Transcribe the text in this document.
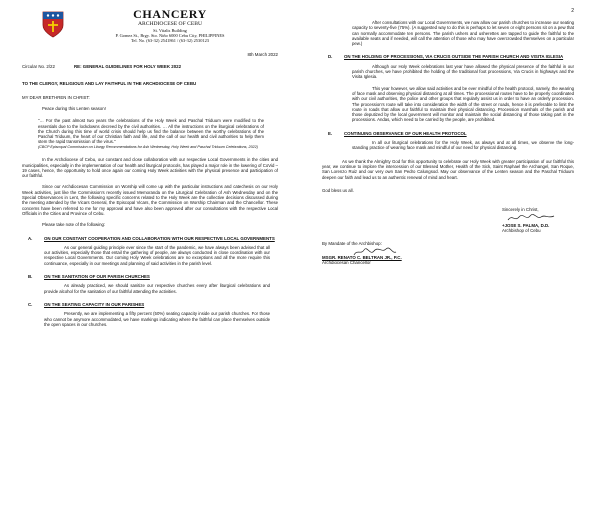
CHANCERY
ARCHDIOCESE OF CEBU
St. Vitalis Building
P. Gomez St., Brgy. Sto. Niño 6000 Cebu City, PHILIPPINES
Tel. No. (63-32) 2541861 / (63-32) 2530123
8th March 2022
Circular No. 2/22	RE: GENERAL GUIDELINES FOR HOLY WEEK 2022
TO THE CLERGY, RELIGIOUS AND LAY FAITHFUL IN THE ARCHDIOCESE OF CEBU

MY DEAR BRETHREN IN CHRIST:

Peace during this Lenten season!

"… For the past almost two years the celebrations of the Holy Week and Paschal Triduum were modified to the essentials due to the lockdowns decreed by the civil authorities. … All the instructions on the liturgical celebrations of the Church during this time of world crisis should help us find the balance between the worthy celebrations of the Paschal Triduum, the heart of our Christian faith and life, and the call of our health and civil authorities to help them stem the rapid transmission of the virus."

(CBCP Episcopal Commission on Liturgy Recommendations for Ash Wednesday, Holy Week and Paschal Triduum Celebrations, 2022)

In the Archdiocese of Cebu, our constant and close collaboration with our respective Local Governments in the cities and municipalities, especially in the implementation of our health and liturgical protocols, has played a major role in the lowering of CoVid – 19 cases, hence, the opportunity to hold once again our coming Holy Week activities with the physical presence and participation of our faithful.

Since our Archdiocesan Commission on Worship will come up with the particular instructions and catechesis on our Holy Week activities, just like the Commission's recently issued Memoranda on the Liturgical Celebration of Ash Wednesday and on the Special Observances in Lent, the following specific concerns related to the Holy Week are the collective decisions discussed during the meeting attended by the Vicars General, the Episcopal Vicars, the Commission on Worship Chairman and the Chancellor. These concerns have been referred to me for my approval and have also been approved after our consultations with the respective Local Officials in the Cities and Province of Cebu.

Please take note of the following:

A.	ON OUR CONSTANT COOPERATION AND COLLABORATION WITH OUR RESPECTIVE LOCAL GOVERNMENTS

As our general guiding principle ever since the start of the pandemic, we have always been advised that all our activities, especially those that entail the gathering of people, are always conducted in close coordination with our respective Local Governments. Our coming Holy Week celebrations are no exceptions and all the more require this continuance, especially in our meetings and planning of said activities in the parish level.

B.	ON THE SANITATION OF OUR PARISH CHURCHES

As already practiced, we should sanitize our respective churches every after liturgical celebrations and provide alcohol for the sanitation of our faithful attending the activities.

C.	ON THE SEATING CAPACITY IN OUR PARISHES

Presently, we are implementing a fifty percent (50%) seating capacity inside our parish churches. For those who cannot be anymore accommodated, we have markings indicating where the faithful can place themselves outside the open spaces in our churches.

2

After consultations with our Local Governments, we now allow our parish churches to increase our seating capacity to seventy-five (75%). (A suggested way to do this is perhaps to let seven or eight persons sit on a pew that can normally accommodate ten persons. The parish ushers and usherettes are tapped to guide the faithful to the available seats and if needed, will call the attention of those who may have overcrowded themselves on a particular pew.)

D.	ON THE HOLDING OF PROCESSIONS, VIA CRUCIS OUTSIDE THE PARISH CHURCH AND VISITA IGLESIA

Although our Holy Week celebrations last year have allowed the physical presence of the faithful in our parish churches, we have prohibited the holding of the traditional foot processions, Via Crucis in highways and the Visita Iglesia.

This year however, we allow said activities and be ever mindful of the health protocol, namely, the wearing of face mask and observing physical distancing at all times. The processional routes have to be properly coordinated with our civil authorities, the police and other groups that regularly assist us in order to have an orderly procession. The procession's route will take into consideration the width of the street or roads, hence it is preferable to limit the route in roads that allow our faithful to maintain their physical distancing. Procession marshals of the parish and those deputized by the local government will monitor and maintain the social distancing of those taking part in the processions. Andas, which need to be carried by the people, are prohibited.

E.	CONTINUING OBSERVANCE OF OUR HEALTH PROTOCOL

In all our liturgical celebrations for the Holy Week, as always and at all times, we observe the long-standing practice of wearing face mask and mindful of our need for physical distancing.

As we thank the Almighty God for this opportunity to celebrate our Holy Week with greater participation of our faithful this year, we continue to implore the intercession of our Blessed Mother, Health of the Sick, Saint Raphael the Archangel, San Roque, San Lorenzo Ruiz and our very own San Pedro Calungsod. May our observance of the Lenten season and the Paschal Triduum deepen our faith and lead us to an authentic renewal of mind and heart.

God bless us all.

Sincerely in Christ,
+JOSE S. PALMA, D.D.
Archbishop of Cebu
By Mandate of the Archbishop:
MSGR. RENATO C. BELTRAN JR., P.C.
Archdiocesan Chancellor
